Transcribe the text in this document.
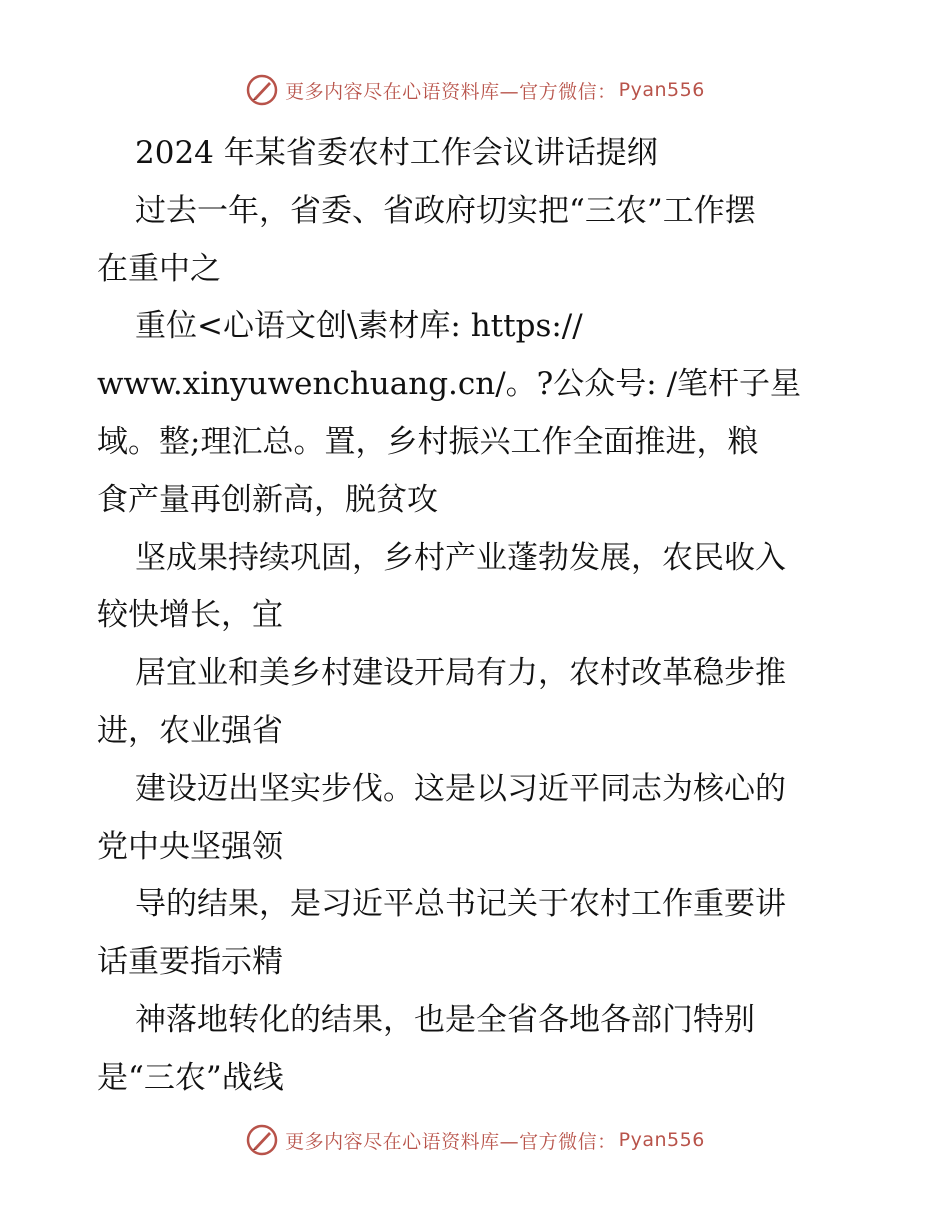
更多内容尽在心语资料库—官方微信： Pyan556
2024 年某省委农村工作会议讲话提纲
过去一年，省委、省政府切实把“三农”工作摆
在重中之
重位<心语文创\素材库: https://
www.xinyuwenchuang.cn/。?公众号: /笔杆子星
域。整;理汇总。置，乡村振兴工作全面推进，粮
食产量再创新高，脱贫攻
坚成果持续巩固，乡村产业蓬勃发展，农民收入
较快增长，宜
居宜业和美乡村建设开局有力，农村改革稳步推
进，农业强省
建设迈出坚实步伐。这是以习近平同志为核心的
党中央坚强领
导的结果，是习近平总书记关于农村工作重要讲
话重要指示精
神落地转化的结果，也是全省各地各部门特别
是“三农”战线
更多内容尽在心语资料库—官方微信： Pyan556
